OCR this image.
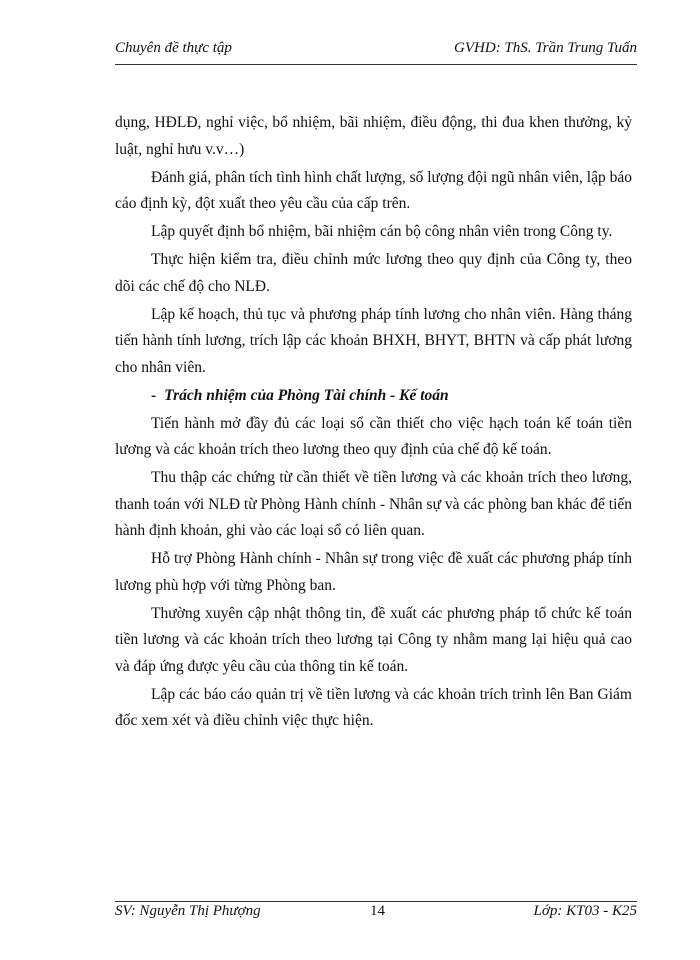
Chuyên đề thực tập	GVHD: ThS. Trần Trung Tuấn

dụng, HĐLĐ, nghỉ việc, bổ nhiệm, bãi nhiệm, điều động, thi đua khen thưởng, kỷ luật, nghỉ hưu v.v…)

Đánh giá, phân tích tình hình chất lượng, số lượng đội ngũ nhân viên, lập báo cáo định kỳ, đột xuất theo yêu cầu của cấp trên.

Lập quyết định bổ nhiệm, bãi nhiệm cán bộ công nhân viên trong Công ty.

Thực hiện kiểm tra, điều chỉnh mức lương theo quy định của Công ty, theo dõi các chế độ cho NLĐ.

Lập kế hoạch, thủ tục và phương pháp tính lương cho nhân viên. Hàng tháng tiến hành tính lương, trích lập các khoản BHXH, BHYT, BHTN và cấp phát lương cho nhân viên.

- Trách nhiệm của Phòng Tài chính - Kế toán

Tiến hành mở đầy đủ các loại sổ cần thiết cho việc hạch toán kế toán tiền lương và các khoản trích theo lương theo quy định của chế độ kế toán.

Thu thập các chứng từ cần thiết về tiền lương và các khoản trích theo lương, thanh toán với NLĐ từ Phòng Hành chính - Nhân sự và các phòng ban khác để tiến hành định khoản, ghi vào các loại sổ có liên quan.

Hỗ trợ Phòng Hành chính - Nhân sự trong việc đề xuất các phương pháp tính lương phù hợp với từng Phòng ban.

Thường xuyên cập nhật thông tin, đề xuất các phương pháp tổ chức kế toán tiền lương và các khoản trích theo lương tại Công ty nhằm mang lại hiệu quả cao và đáp ứng được yêu cầu của thông tin kế toán.

Lập các báo cáo quản trị về tiền lương và các khoản trích trình lên Ban Giám đốc xem xét và điều chỉnh việc thực hiện.

SV: Nguyễn Thị Phượng	14	Lớp: KT03 - K25
